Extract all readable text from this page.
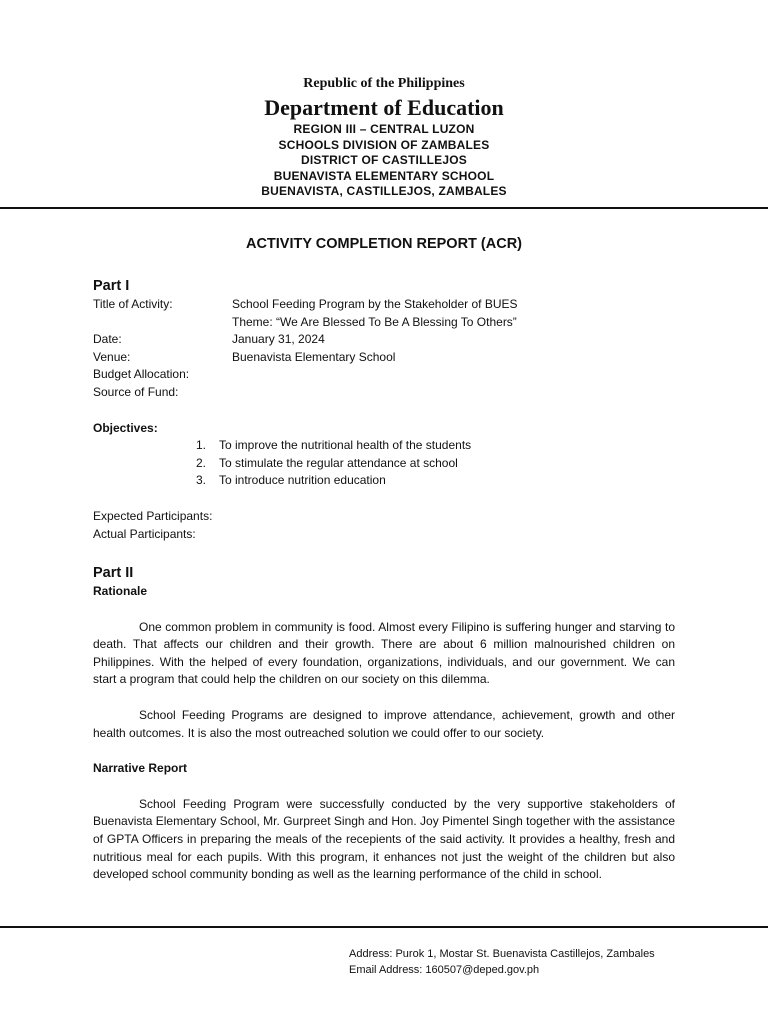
Republic of the Philippines
Department of Education
REGION III – CENTRAL LUZON
SCHOOLS DIVISION OF ZAMBALES
DISTRICT OF CASTILLEJOS
BUENAVISTA ELEMENTARY SCHOOL
BUENAVISTA, CASTILLEJOS, ZAMBALES
ACTIVITY COMPLETION REPORT (ACR)
Part I
Title of Activity:	School Feeding Program by the Stakeholder of BUES
Theme: “We Are Blessed To Be A Blessing To Others”
Date:	January 31, 2024
Venue:	Buenavista Elementary School
Budget Allocation:
Source of Fund:
Objectives:
1.	To improve the nutritional health of the students
2.	To stimulate the regular attendance at school
3.	To introduce nutrition education
Expected Participants:
Actual Participants:
Part II
Rationale

One common problem in community is food. Almost every Filipino is suffering hunger and starving to death. That affects our children and their growth. There are about 6 million malnourished children on Philippines. With the helped of every foundation, organizations, individuals, and our government. We can start a program that could help the children on our society on this dilemma.

School Feeding Programs are designed to improve attendance, achievement, growth and other health outcomes. It is also the most outreached solution we could offer to our society.

Narrative Report

School Feeding Program were successfully conducted by the very supportive stakeholders of Buenavista Elementary School, Mr. Gurpreet Singh and Hon. Joy Pimentel Singh together with the assistance of GPTA Officers in preparing the meals of the recepients of the said activity. It provides a healthy, fresh and nutritious meal for each pupils. With this program, it enhances not just the weight of the children but also developed school community bonding as well as the learning performance of the child in school.

Address: Purok 1, Mostar St. Buenavista Castillejos, Zambales
Email Address: 160507@deped.gov.ph
